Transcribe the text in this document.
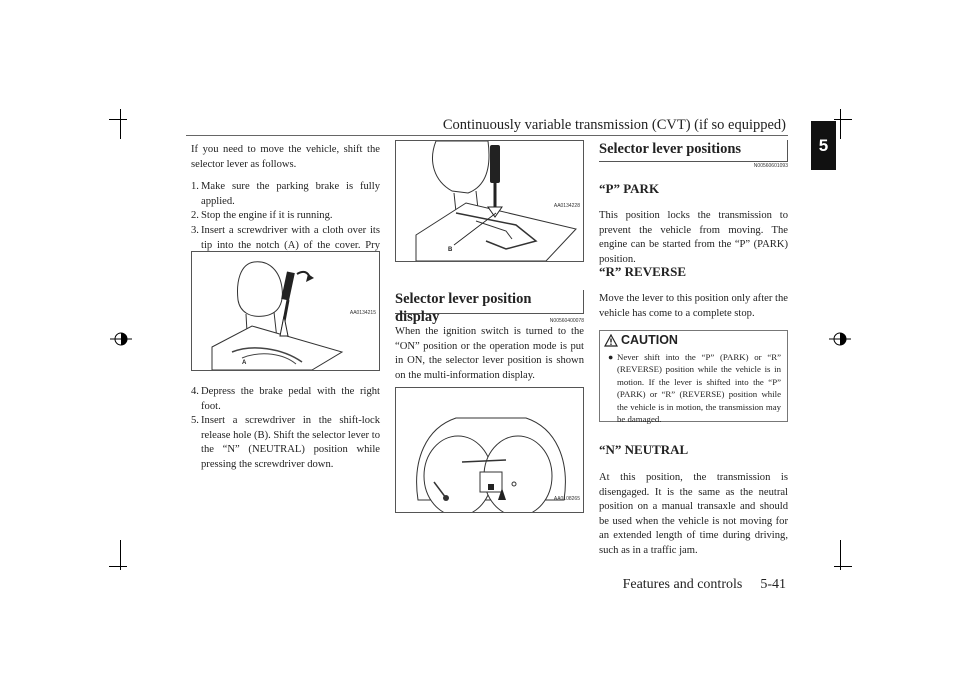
Continuously variable transmission (CVT) (if so equipped)
5

If you need to move the vehicle, shift the selector lever as follows.

1. Make sure the parking brake is fully applied.
2. Stop the engine if it is running.
3. Insert a screwdriver with a cloth over its tip into the notch (A) of the cover. Pry
A
AA0134215
4. Depress the brake pedal with the right foot.
5. Insert a screwdriver in the shift-lock release hole (B). Shift the selector lever to the “N” (NEUTRAL) position while pressing the screwdriver down.
B
AA0134228
Selector lever position display	N00560400078

When the ignition switch is turned to the “ON” position or the operation mode is put in ON, the selector lever position is shown on the multi-information display.

AA0108265
Selector lever positions
N00560601093
“P” PARK

This position locks the transmission to prevent the vehicle from moving. The engine can be started from the “P” (PARK) position.

“R” REVERSE

Move the lever to this position only after the vehicle has come to a complete stop.

CAUTION
● Never shift into the “P” (PARK) or “R” (REVERSE) position while the vehicle is in motion. If the lever is shifted into the “P” (PARK) or “R” (REVERSE) position while the vehicle is in motion, the transmission may be damaged.
“N” NEUTRAL

At this position, the transmission is disengaged. It is the same as the neutral position on a manual transaxle and should be used when the vehicle is not moving for an extended length of time during driving, such as in a traffic jam.

Features and controls 5-41
